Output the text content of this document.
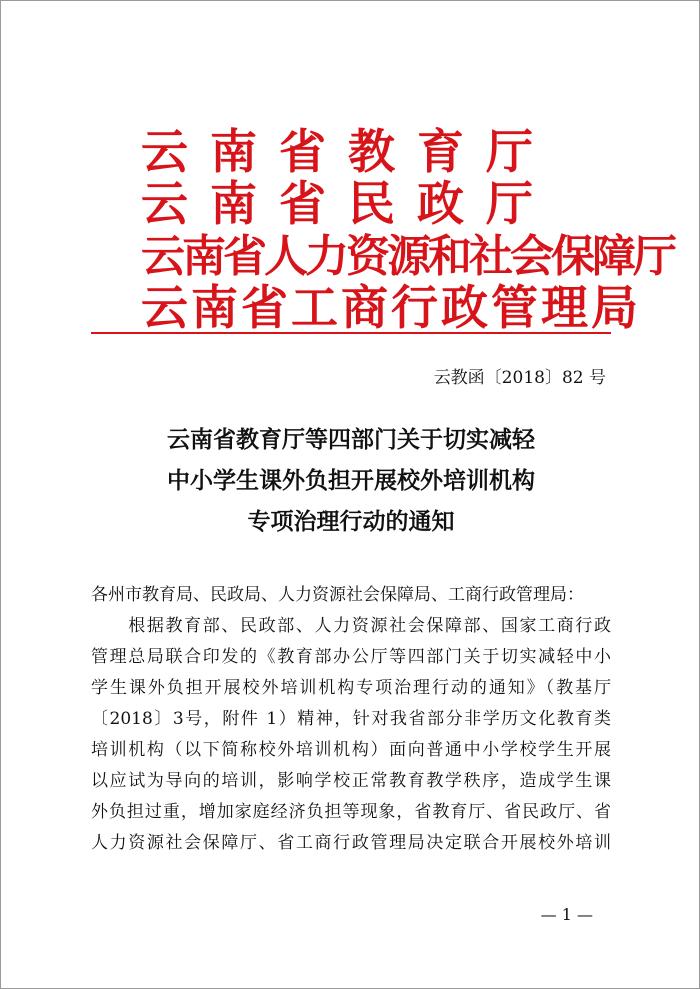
云南省教育厅
云南省民政厅
云南省人力资源和社会保障厅
云南省工商行政管理局
云教函〔2018〕82 号
云南省教育厅等四部门关于切实减轻
中小学生课外负担开展校外培训机构
专项治理行动的通知
各州市教育局、民政局、人力资源社会保障局、工商行政管理局：
　　根据教育部、民政部、人力资源社会保障部、国家工商行政
管理总局联合印发的《教育部办公厅等四部门关于切实减轻中小
学生课外负担开展校外培训机构专项治理行动的通知》（教基厅
〔2018〕3号，附件 1）精神，针对我省部分非学历文化教育类
培训机构（以下简称校外培训机构）面向普通中小学校学生开展
以应试为导向的培训，影响学校正常教育教学秩序，造成学生课
外负担过重，增加家庭经济负担等现象，省教育厅、省民政厅、省
人力资源社会保障厅、省工商行政管理局决定联合开展校外培训
— 1 —
